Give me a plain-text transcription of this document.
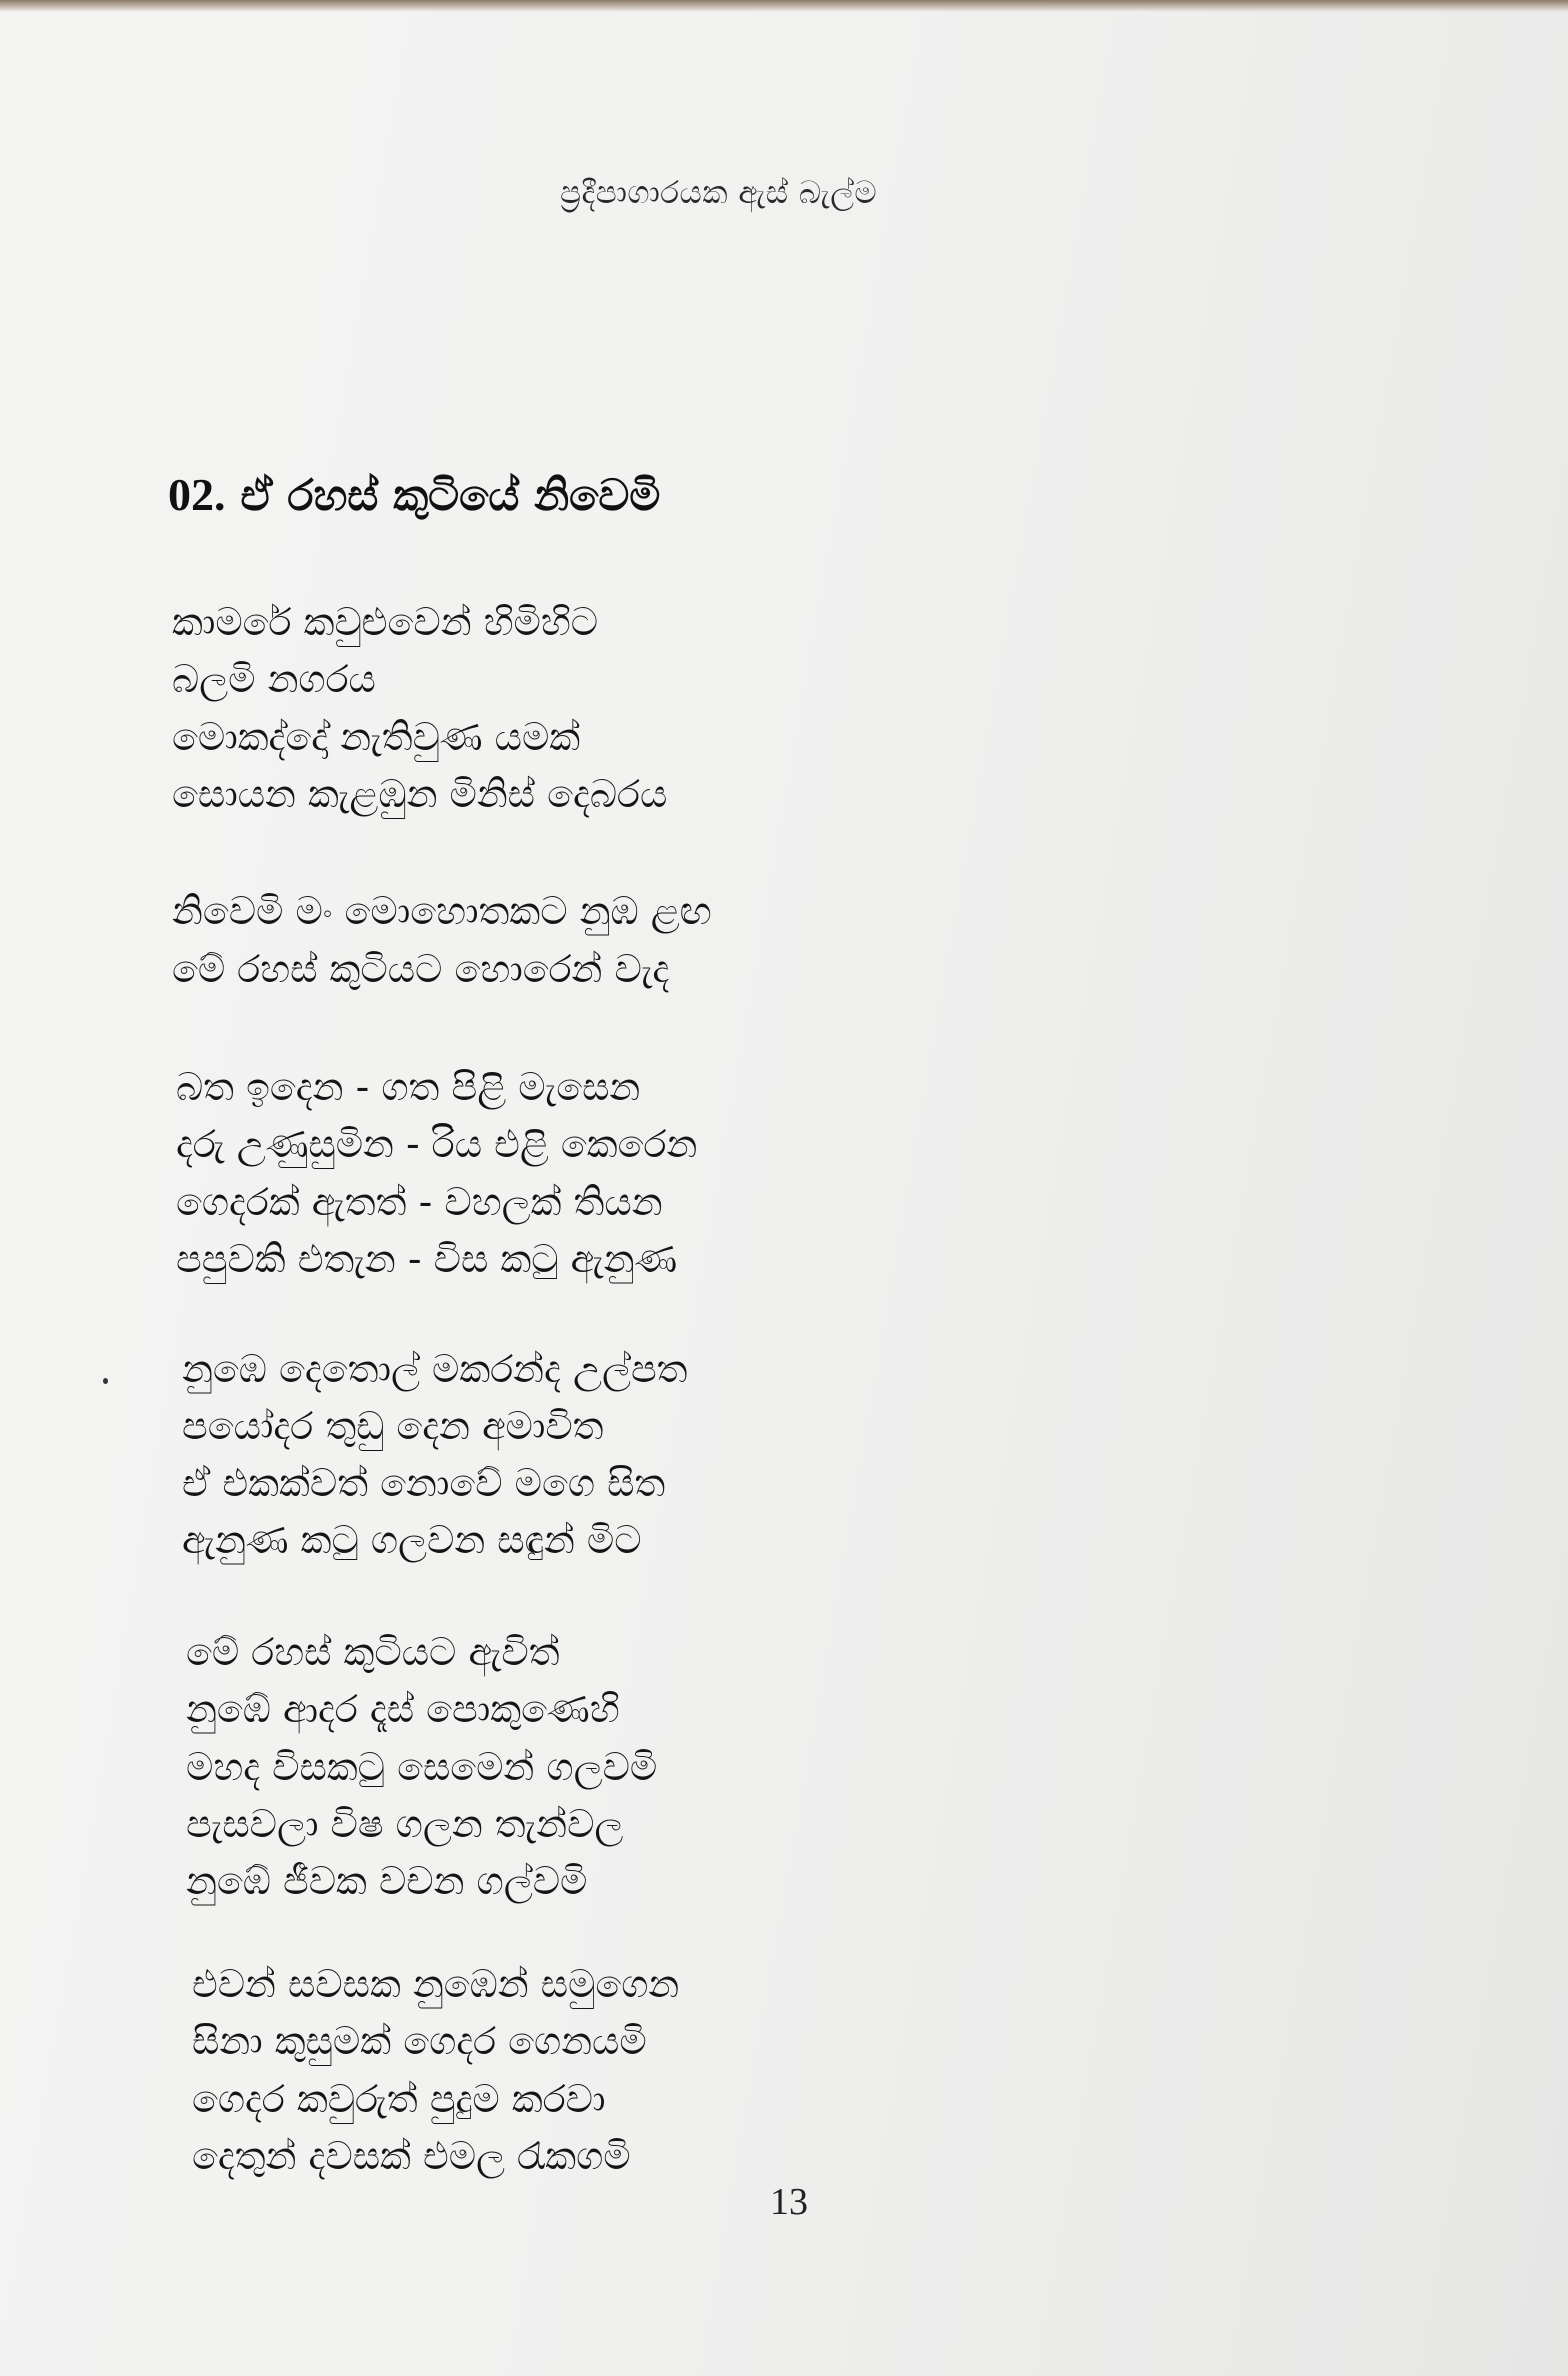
ප්‍රදීපාගාරයක ඇස් බැල්ම
02. ඒ රහස් කුටියේ නිවෙමි
කාමරේ කවුළුවෙන් හිමිහිට
බලමි නගරය
මොකද්දෝ නැතිවුණ යමක්
සොයන කැළඹුන මිනිස් දෙබරය
නිවෙමි මං මොහොතකට නුඹ ළඟ
මේ රහස් කුටියට හොරෙන් වැද
බත ඉදෙන - ගත පිළි මැසෙන
දරු උණුසුමින - රිය එළි කෙරෙන
ගෙදරක් ඇතත් - වහලක් තියන
පපුවකි එතැන - විස කටු ඇනුණ
නුඹෙ දෙතොල් මකරන්ද උල්පත
පයෝදර තුඩු දෙන අමාවිත
ඒ එකක්වත් නොවේ මගෙ සිත
ඇනුණ කටු ගලවන සඳුන් මිට
මේ රහස් කුටියට ඇවිත්
නුඹේ ආදර දෑස් පොකුණෙහි
මහද විසකටු සෙමෙන් ගලවමි
පැසවලා විෂ ගලන තැන්වල
නුඹේ ජීවක වචන ගල්වමි
එවන් සවසක නුඹෙන් සමුගෙන
සිනා කුසුමක් ගෙදර ගෙනයමි
ගෙදර කවුරුත් පුදුම කරවා
දෙතුන් දවසක් එමල රැකගමි
13
